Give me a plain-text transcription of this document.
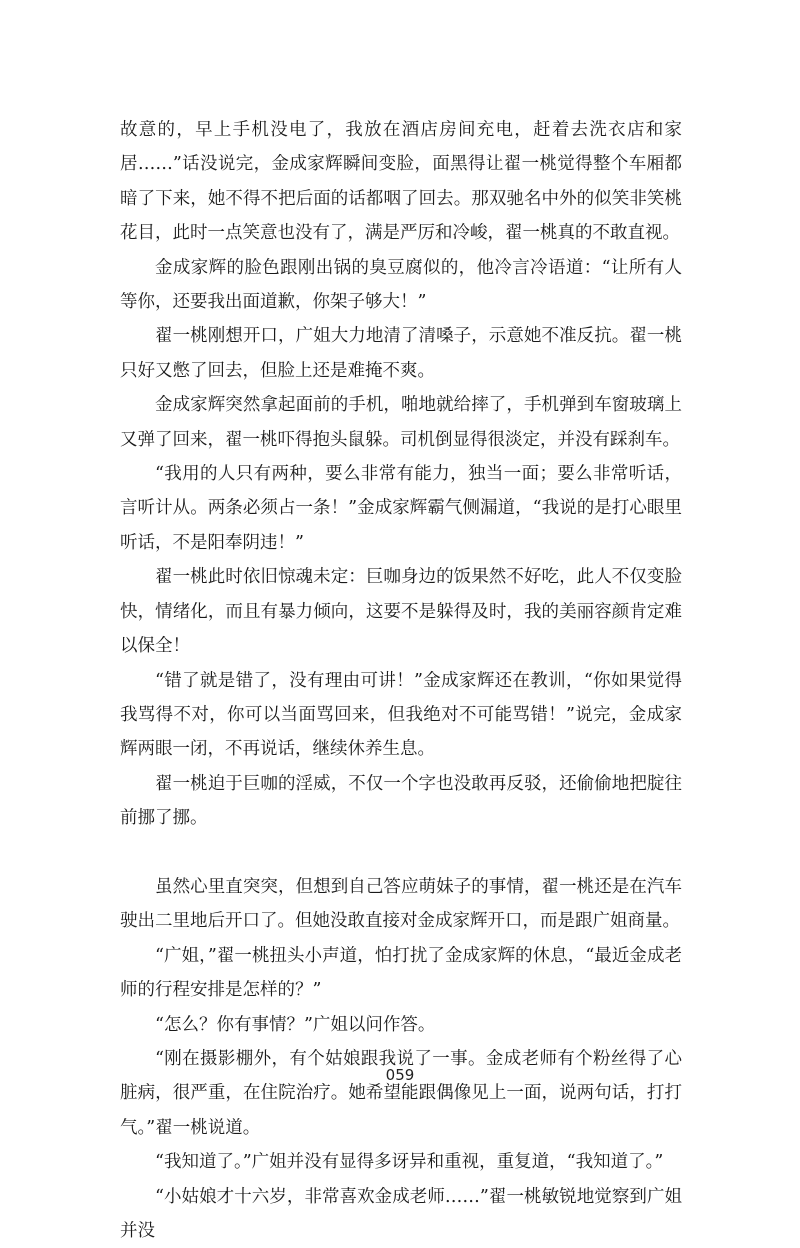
故意的，早上手机没电了，我放在酒店房间充电，赶着去洗衣店和家居……”话没说完，金成家辉瞬间变脸，面黑得让翟一桃觉得整个车厢都暗了下来，她不得不把后面的话都咽了回去。那双驰名中外的似笑非笑桃花目，此时一点笑意也没有了，满是严厉和冷峻，翟一桃真的不敢直视。

金成家辉的脸色跟刚出锅的臭豆腐似的，他冷言冷语道：“让所有人等你，还要我出面道歉，你架子够大！”

翟一桃刚想开口，广姐大力地清了清嗓子，示意她不准反抗。翟一桃只好又憋了回去，但脸上还是难掩不爽。

金成家辉突然拿起面前的手机，啪地就给摔了，手机弹到车窗玻璃上又弹了回来，翟一桃吓得抱头鼠躲。司机倒显得很淡定，并没有踩刹车。

“我用的人只有两种，要么非常有能力，独当一面；要么非常听话，言听计从。两条必须占一条！”金成家辉霸气侧漏道，“我说的是打心眼里听话，不是阳奉阴违！”

翟一桃此时依旧惊魂未定：巨咖身边的饭果然不好吃，此人不仅变脸快，情绪化，而且有暴力倾向，这要不是躲得及时，我的美丽容颜肯定难以保全！

“错了就是错了，没有理由可讲！”金成家辉还在教训，“你如果觉得我骂得不对，你可以当面骂回来，但我绝对不可能骂错！”说完，金成家辉两眼一闭，不再说话，继续休养生息。

翟一桃迫于巨咖的淫威，不仅一个字也没敢再反驳，还偷偷地把腚往前挪了挪。

虽然心里直突突，但想到自己答应萌妹子的事情，翟一桃还是在汽车驶出二里地后开口了。但她没敢直接对金成家辉开口，而是跟广姐商量。

“广姐，”翟一桃扭头小声道，怕打扰了金成家辉的休息，“最近金成老师的行程安排是怎样的？”

“怎么？你有事情？”广姐以问作答。

“刚在摄影棚外，有个姑娘跟我说了一事。金成老师有个粉丝得了心脏病，很严重，在住院治疗。她希望能跟偶像见上一面，说两句话，打打气。”翟一桃说道。

“我知道了。”广姐并没有显得多讶异和重视，重复道，“我知道了。”

“小姑娘才十六岁，非常喜欢金成老师……”翟一桃敏锐地觉察到广姐并没

059
